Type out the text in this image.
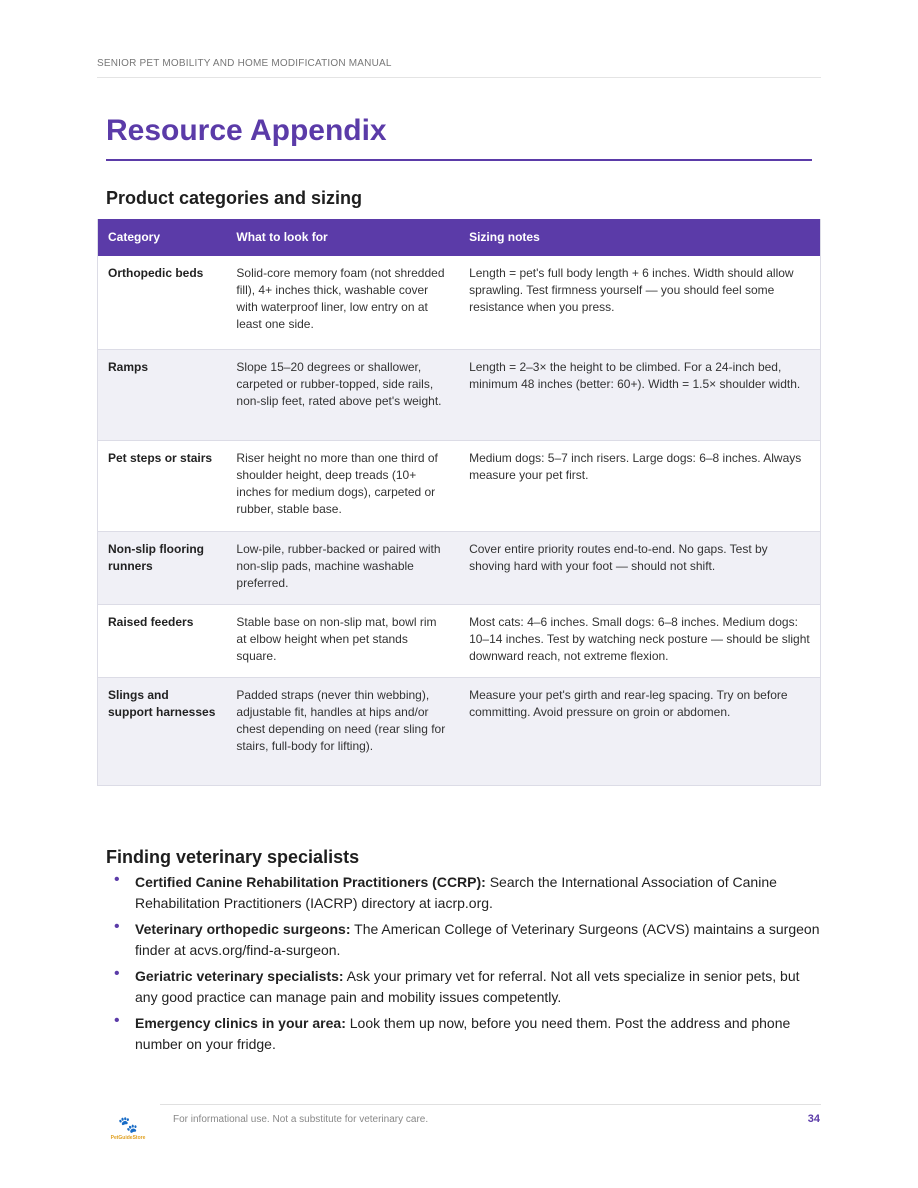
SENIOR PET MOBILITY AND HOME MODIFICATION MANUAL
Resource Appendix
Product categories and sizing
Category	What to look for	Sizing notes
Orthopedic beds	Solid-core memory foam (not shredded fill), 4+ inches thick, washable cover with waterproof liner, low entry on at least one side.	Length = pet's full body length + 6 inches. Width should allow sprawling. Test firmness yourself — you should feel some resistance when you press.
Ramps	Slope 15–20 degrees or shallower, carpeted or rubber-topped, side rails, non-slip feet, rated above pet's weight.	Length = 2–3× the height to be climbed. For a 24-inch bed, minimum 48 inches (better: 60+). Width = 1.5× shoulder width.
Pet steps or stairs	Riser height no more than one third of shoulder height, deep treads (10+ inches for medium dogs), carpeted or rubber, stable base.	Medium dogs: 5–7 inch risers. Large dogs: 6–8 inches. Always measure your pet first.
Non-slip flooring runners	Low-pile, rubber-backed or paired with non-slip pads, machine washable preferred.	Cover entire priority routes end-to-end. No gaps. Test by shoving hard with your foot — should not shift.
Raised feeders	Stable base on non-slip mat, bowl rim at elbow height when pet stands square.	Most cats: 4–6 inches. Small dogs: 6–8 inches. Medium dogs: 10–14 inches. Test by watching neck posture — should be slight downward reach, not extreme flexion.
Slings and support harnesses	Padded straps (never thin webbing), adjustable fit, handles at hips and/or chest depending on need (rear sling for stairs, full-body for lifting).	Measure your pet's girth and rear-leg spacing. Try on before committing. Avoid pressure on groin or abdomen.
Finding veterinary specialists
• Certified Canine Rehabilitation Practitioners (CCRP): Search the International Association of Canine Rehabilitation Practitioners (IACRP) directory at iacrp.org.
• Veterinary orthopedic surgeons: The American College of Veterinary Surgeons (ACVS) maintains a surgeon finder at acvs.org/find-a-surgeon.
• Geriatric veterinary specialists: Ask your primary vet for referral. Not all vets specialize in senior pets, but any good practice can manage pain and mobility issues competently.
• Emergency clinics in your area: Look them up now, before you need them. Post the address and phone number on your fridge.
🐾
PetGuideStore
For informational use. Not a substitute for veterinary care.	34
